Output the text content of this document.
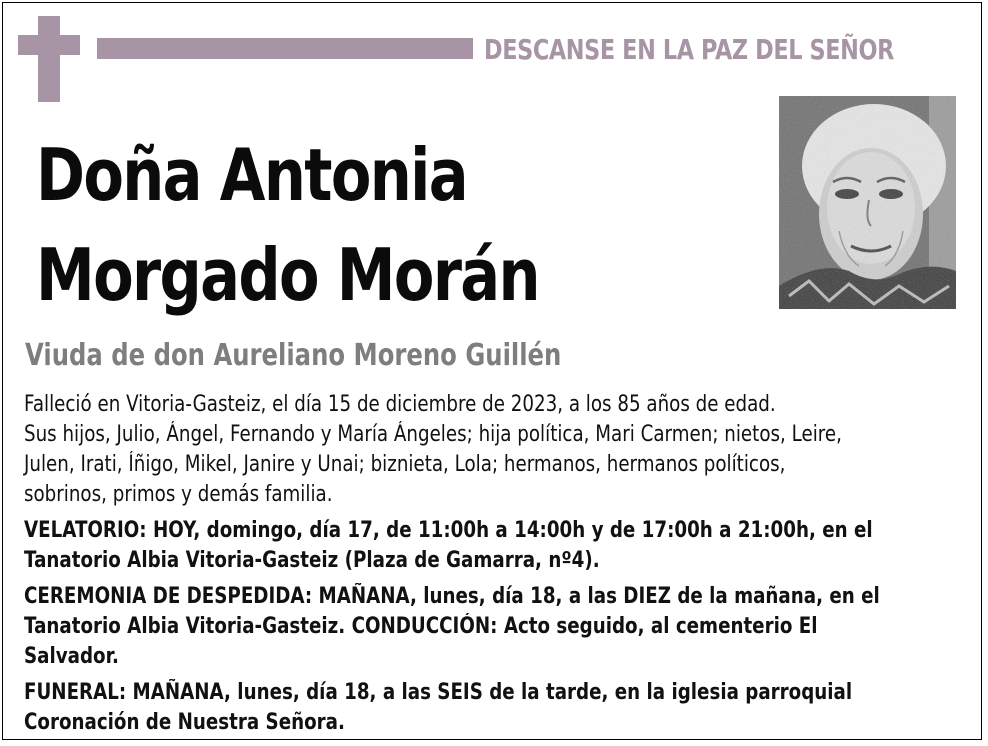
DESCANSE EN LA PAZ DEL SEÑOR
Doña Antonia
Morgado Morán
Viuda de don Aureliano Moreno Guillén
Falleció en Vitoria-Gasteiz, el día 15 de diciembre de 2023, a los 85 años de edad.
Sus hijos, Julio, Ángel, Fernando y María Ángeles; hija política, Mari Carmen; nietos, Leire,
Julen, Irati, Íñigo, Mikel, Janire y Unai; biznieta, Lola; hermanos, hermanos políticos,
sobrinos, primos y demás familia.
VELATORIO: HOY, domingo, día 17, de 11:00h a 14:00h y de 17:00h a 21:00h, en el
Tanatorio Albia Vitoria-Gasteiz (Plaza de Gamarra, nº4).
CEREMONIA DE DESPEDIDA: MAÑANA, lunes, día 18, a las DIEZ de la mañana, en el
Tanatorio Albia Vitoria-Gasteiz. CONDUCCIÓN: Acto seguido, al cementerio El
Salvador.
FUNERAL: MAÑANA, lunes, día 18, a las SEIS de la tarde, en la iglesia parroquial
Coronación de Nuestra Señora.
